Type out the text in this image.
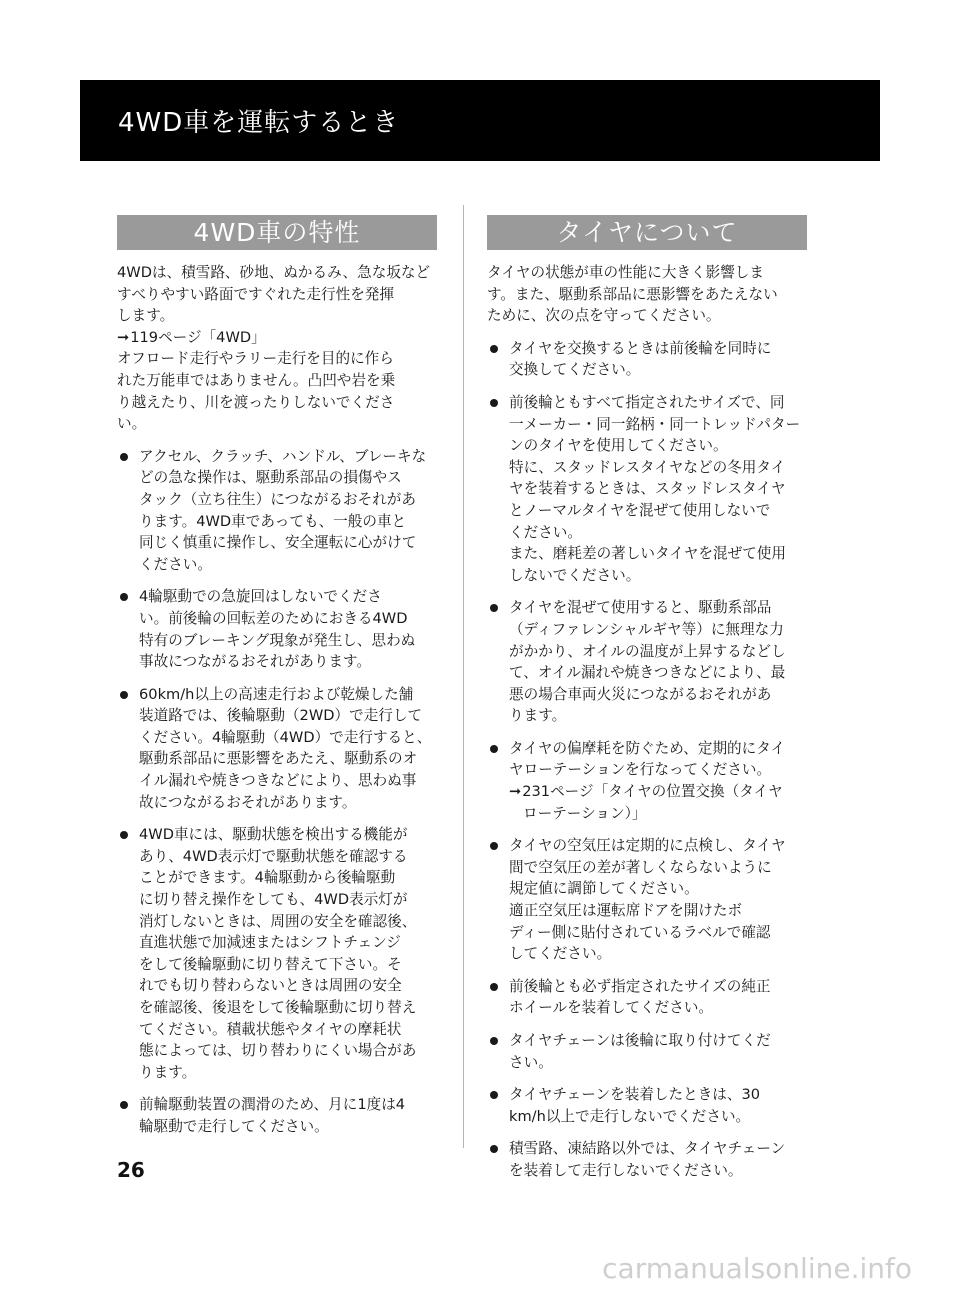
4WD車を運転するとき
4WD車の特性

4WDは、積雪路、砂地、ぬかるみ、急な坂など

すべりやすい路面ですぐれた走行性を発揮

します。

➞119ページ「4WD」

オフロード走行やラリー走行を目的に作ら

れた万能車ではありません。凸凹や岩を乗

り越えたり、川を渡ったりしないでくださ

い。

アクセル、クラッチ、ハンドル、ブレーキな
どの急な操作は、駆動系部品の損傷やス
タック（立ち往生）につながるおそれがあ
ります。4WD車であっても、一般の車と
同じく慎重に操作し、安全運転に心がけて
ください。
4輪駆動での急旋回はしないでくださ
い。前後輪の回転差のためにおきる4WD
特有のブレーキング現象が発生し、思わぬ
事故につながるおそれがあります。
60km/h以上の高速走行および乾燥した舗
装道路では、後輪駆動（2WD）で走行して
ください。4輪駆動（4WD）で走行すると、
駆動系部品に悪影響をあたえ、駆動系のオ
イル漏れや焼きつきなどにより、思わぬ事
故につながるおそれがあります。
4WD車には、駆動状態を検出する機能が
あり、4WD表示灯で駆動状態を確認する
ことができます。4輪駆動から後輪駆動
に切り替え操作をしても、4WD表示灯が
消灯しないときは、周囲の安全を確認後、
直進状態で加減速またはシフトチェンジ
をして後輪駆動に切り替えて下さい。そ
れでも切り替わらないときは周囲の安全
を確認後、後退をして後輪駆動に切り替え
てください。積載状態やタイヤの摩耗状
態によっては、切り替わりにくい場合があ
ります。
前輪駆動装置の潤滑のため、月に1度は4
輪駆動で走行してください。
タイヤについて

タイヤの状態が車の性能に大きく影響しま

す。また、駆動系部品に悪影響をあたえない

ために、次の点を守ってください。

タイヤを交換するときは前後輪を同時に
交換してください。
前後輪ともすべて指定されたサイズで、同
一メーカー・同一銘柄・同一トレッドパター
ンのタイヤを使用してください。
特に、スタッドレスタイヤなどの冬用タイ
ヤを装着するときは、スタッドレスタイヤ
とノーマルタイヤを混ぜて使用しないで
ください。
また、磨耗差の著しいタイヤを混ぜて使用
しないでください。
タイヤを混ぜて使用すると、駆動系部品
（ディファレンシャルギヤ等）に無理な力
がかかり、オイルの温度が上昇するなどし
て、オイル漏れや焼きつきなどにより、最
悪の場合車両火災につながるおそれがあ
ります。
タイヤの偏摩耗を防ぐため、定期的にタイ
ヤローテーションを行なってください。
➞231ページ「タイヤの位置交換（タイヤ
ローテーション）」
タイヤの空気圧は定期的に点検し、タイヤ
間で空気圧の差が著しくならないように
規定値に調節してください。
適正空気圧は運転席ドアを開けたボ
ディー側に貼付されているラベルで確認
してください。
前後輪とも必ず指定されたサイズの純正
ホイールを装着してください。
タイヤチェーンは後輪に取り付けてくだ
さい。
タイヤチェーンを装着したときは、30
km/h以上で走行しないでください。
積雪路、凍結路以外では、タイヤチェーン
を装着して走行しないでください。
26
carmanualsonline.info
